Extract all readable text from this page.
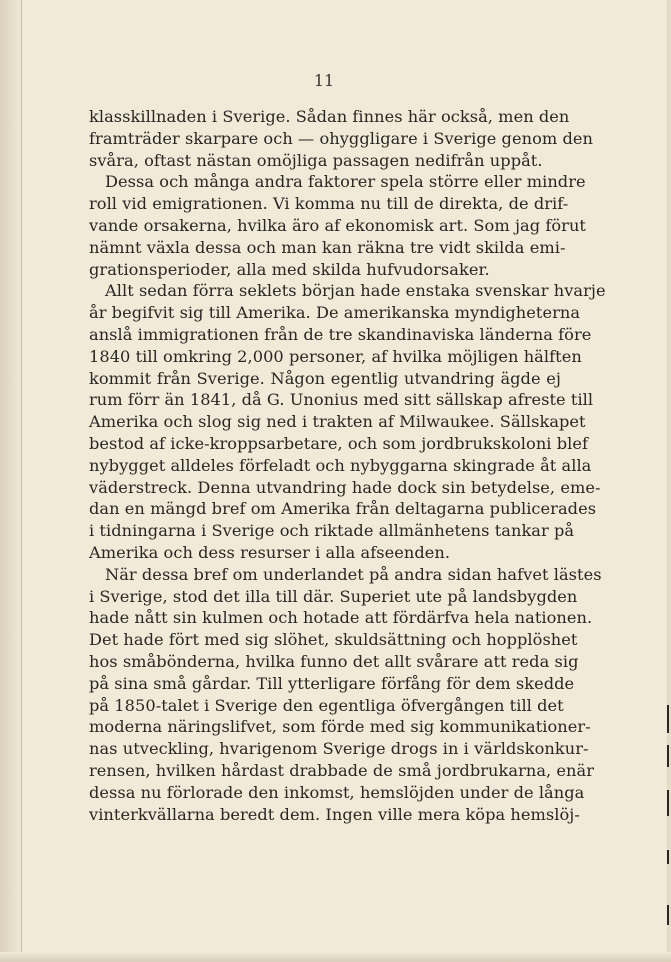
11
klasskillnaden i Sverige. Sådan finnes här också, men den
framträder skarpare och — ohyggligare i Sverige genom den
svåra, oftast nästan omöjliga passagen nedifrån uppåt.
Dessa och många andra faktorer spela större eller mindre
roll vid emigrationen. Vi komma nu till de direkta, de drif-
vande orsakerna, hvilka äro af ekonomisk art. Som jag förut
nämnt växla dessa och man kan räkna tre vidt skilda emi-
grationsperioder, alla med skilda hufvudorsaker.
Allt sedan förra seklets början hade enstaka svenskar hvarje
år begifvit sig till Amerika. De amerikanska myndigheterna
anslå immigrationen från de tre skandinaviska länderna före
1840 till omkring 2,000 personer, af hvilka möjligen hälften
kommit från Sverige. Någon egentlig utvandring ägde ej
rum förr än 1841, då G. Unonius med sitt sällskap afreste till
Amerika och slog sig ned i trakten af Milwaukee. Sällskapet
bestod af icke-kroppsarbetare, och som jordbrukskoloni blef
nybygget alldeles förfeladt och nybyggarna skingrade åt alla
väderstreck. Denna utvandring hade dock sin betydelse, eme-
dan en mängd bref om Amerika från deltagarna publicerades
i tidningarna i Sverige och riktade allmänhetens tankar på
Amerika och dess resurser i alla afseenden.
När dessa bref om underlandet på andra sidan hafvet lästes
i Sverige, stod det illa till där. Superiet ute på landsbygden
hade nått sin kulmen och hotade att fördärfva hela nationen.
Det hade fört med sig slöhet, skuldsättning och hopplöshet
hos småbönderna, hvilka funno det allt svårare att reda sig
på sina små gårdar. Till ytterligare förfång för dem skedde
på 1850-talet i Sverige den egentliga öfvergången till det
moderna näringslifvet, som förde med sig kommunikationer-
nas utveckling, hvarigenom Sverige drogs in i världskonkur-
rensen, hvilken hårdast drabbade de små jordbrukarna, enär
dessa nu förlorade den inkomst, hemslöjden under de långa
vinterkvällarna beredt dem. Ingen ville mera köpa hemslöj-
